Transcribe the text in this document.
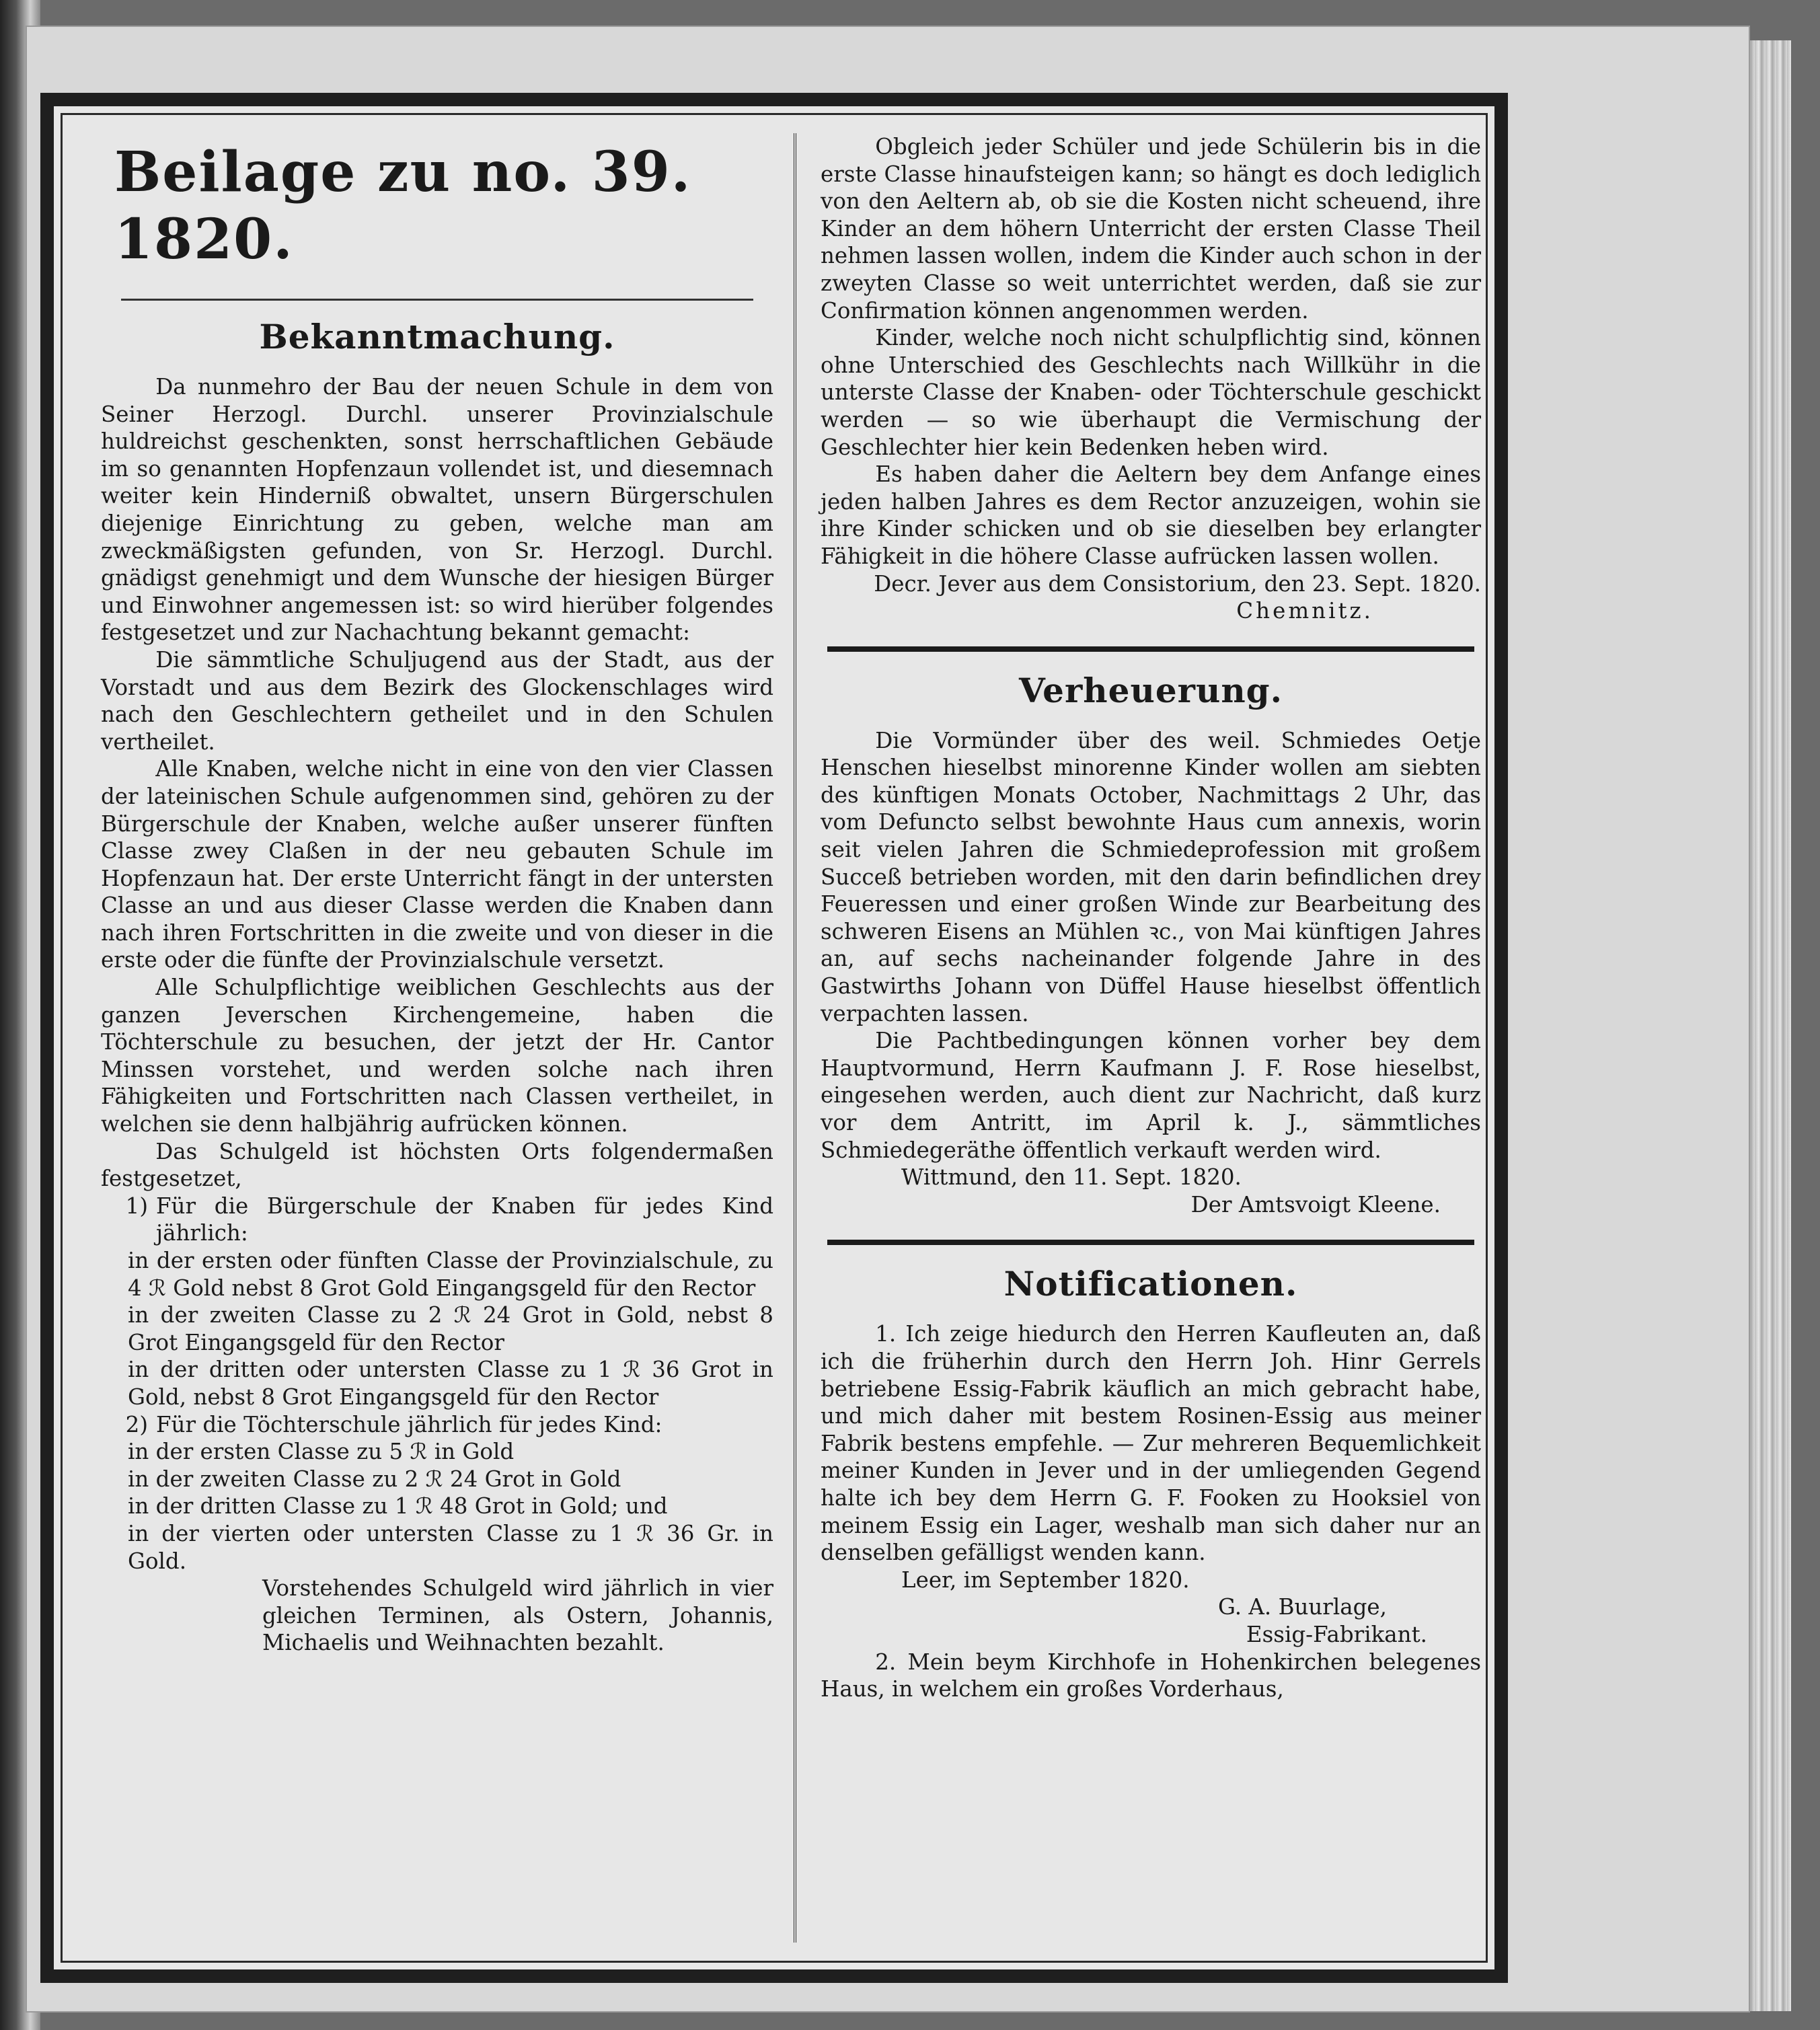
Beilage zu no. 39. 1820.
Bekanntmachung.

Da nunmehro der Bau der neuen Schule in dem von Seiner Herzogl. Durchl. unserer Provinzialschule huldreichst geschenkten, sonst herrschaftlichen Gebäude im so genannten Hopfenzaun vollendet ist, und diesemnach weiter kein Hinderniß obwaltet, unsern Bürgerschulen diejenige Einrichtung zu geben, welche man am zweckmäßigsten gefunden, von Sr. Herzogl. Durchl. gnädigst genehmigt und dem Wunsche der hiesigen Bürger und Einwohner angemessen ist: so wird hierüber folgendes festgesetzet und zur Nachachtung bekannt gemacht:

Die sämmtliche Schuljugend aus der Stadt, aus der Vorstadt und aus dem Bezirk des Glockenschlages wird nach den Geschlechtern getheilet und in den Schulen vertheilet.

Alle Knaben, welche nicht in eine von den vier Classen der lateinischen Schule aufgenommen sind, gehören zu der Bürgerschule der Knaben, welche außer unserer fünften Classe zwey Claßen in der neu gebauten Schule im Hopfenzaun hat. Der erste Unterricht fängt in der untersten Classe an und aus dieser Classe werden die Knaben dann nach ihren Fortschritten in die zweite und von dieser in die erste oder die fünfte der Provinzialschule versetzt.

Alle Schulpflichtige weiblichen Geschlechts aus der ganzen Jeverschen Kirchengemeine, haben die Töchterschule zu besuchen, der jetzt der Hr. Cantor Minssen vorstehet, und werden solche nach ihren Fähigkeiten und Fortschritten nach Classen vertheilet, in welchen sie denn halbjährig aufrücken können.

Das Schulgeld ist höchsten Orts folgendermaßen festgesetzet,

1) Für die Bürgerschule der Knaben für jedes Kind jährlich:
in der ersten oder fünften Classe der Provinzialschule, zu 4 ℛ Gold nebst 8 Grot Gold Eingangsgeld für den Rector
in der zweiten Classe zu 2 ℛ 24 Grot in Gold, nebst 8 Grot Eingangsgeld für den Rector
in der dritten oder untersten Classe zu 1 ℛ 36 Grot in Gold, nebst 8 Grot Eingangsgeld für den Rector
2) Für die Töchterschule jährlich für jedes Kind:
in der ersten Classe zu 5 ℛ in Gold
in der zweiten Classe zu 2 ℛ 24 Grot in Gold
in der dritten Classe zu 1 ℛ 48 Grot in Gold; und
in der vierten oder untersten Classe zu 1 ℛ 36 Gr. in Gold.
Vorstehendes Schulgeld wird jährlich in vier gleichen Terminen, als Ostern, Johannis, Michaelis und Weihnachten bezahlt.

Obgleich jeder Schüler und jede Schülerin bis in die erste Classe hinaufsteigen kann; so hängt es doch lediglich von den Aeltern ab, ob sie die Kosten nicht scheuend, ihre Kinder an dem höhern Unterricht der ersten Classe Theil nehmen lassen wollen, indem die Kinder auch schon in der zweyten Classe so weit unterrichtet werden, daß sie zur Confirmation können angenommen werden.

Kinder, welche noch nicht schulpflichtig sind, können ohne Unterschied des Geschlechts nach Willkühr in die unterste Classe der Knaben- oder Töchterschule geschickt werden — so wie überhaupt die Vermischung der Geschlechter hier kein Bedenken heben wird.

Es haben daher die Aeltern bey dem Anfange eines jeden halben Jahres es dem Rector anzuzeigen, wohin sie ihre Kinder schicken und ob sie dieselben bey erlangter Fähigkeit in die höhere Classe aufrücken lassen wollen.

Decr. Jever aus dem Consistorium, den 23. Sept. 1820.
Chemnitz.
Verheuerung.

Die Vormünder über des weil. Schmiedes Oetje Henschen hieselbst minorenne Kinder wollen am siebten des künftigen Monats October, Nachmittags 2 Uhr, das vom Defuncto selbst bewohnte Haus cum annexis, worin seit vielen Jahren die Schmiedeprofession mit großem Succeß betrieben worden, mit den darin befindlichen drey Feueressen und einer großen Winde zur Bearbeitung des schweren Eisens an Mühlen ꝛc., von Mai künftigen Jahres an, auf sechs nacheinander folgende Jahre in des Gastwirths Johann von Düffel Hause hieselbst öffentlich verpachten lassen.

Die Pachtbedingungen können vorher bey dem Hauptvormund, Herrn Kaufmann J. F. Rose hieselbst, eingesehen werden, auch dient zur Nachricht, daß kurz vor dem Antritt, im April k. J., sämmtliches Schmiedegeräthe öffentlich verkauft werden wird.

Wittmund, den 11. Sept. 1820.

Der Amtsvoigt Kleene.
Notificationen.

1. Ich zeige hiedurch den Herren Kaufleuten an, daß ich die früherhin durch den Herrn Joh. Hinr Gerrels betriebene Essig-Fabrik käuflich an mich gebracht habe, und mich daher mit bestem Rosinen-Essig aus meiner Fabrik bestens empfehle. — Zur mehreren Bequemlichkeit meiner Kunden in Jever und in der umliegenden Gegend halte ich bey dem Herrn G. F. Fooken zu Hooksiel von meinem Essig ein Lager, weshalb man sich daher nur an denselben gefälligst wenden kann.

Leer, im September 1820.

G. A. Buurlage,
Essig-Fabrikant.

2. Mein beym Kirchhofe in Hohenkirchen belegenes Haus, in welchem ein großes Vorderhaus,
